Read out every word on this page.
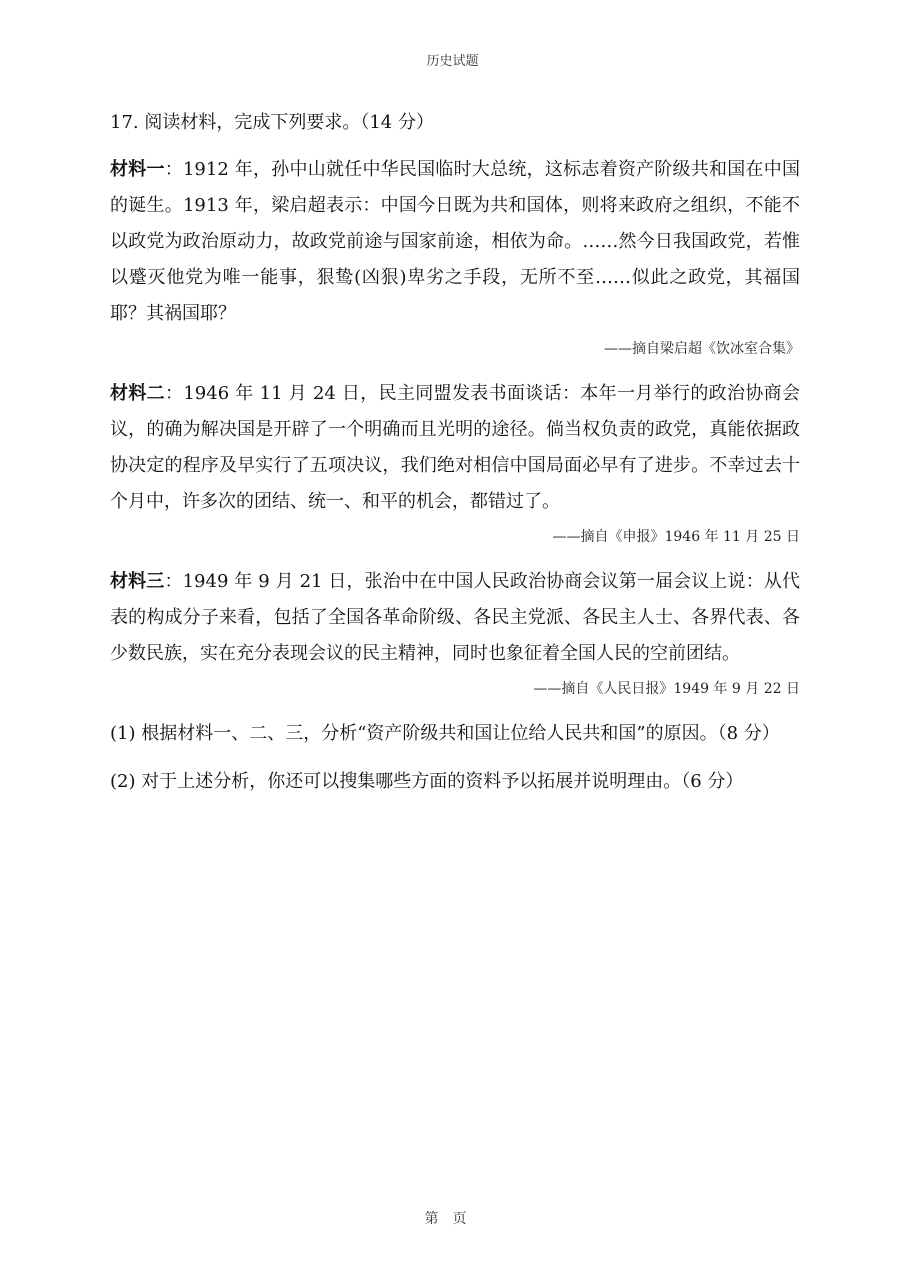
历史试题

17. 阅读材料，完成下列要求。（14 分）

材料一：1912 年，孙中山就任中华民国临时大总统，这标志着资产阶级共和国在中国的诞生。1913 年，梁启超表示：中国今日既为共和国体，则将来政府之组织，不能不以政党为政治原动力，故政党前途与国家前途，相依为命。……然今日我国政党，若惟以蹙灭他党为唯一能事，狠鸷(凶狠)卑劣之手段，无所不至……似此之政党，其福国耶？其祸国耶？

——摘自梁启超《饮冰室合集》

材料二：1946 年 11 月 24 日，民主同盟发表书面谈话：本年一月举行的政治协商会议，的确为解决国是开辟了一个明确而且光明的途径。倘当权负责的政党，真能依据政协决定的程序及早实行了五项决议，我们绝对相信中国局面必早有了进步。不幸过去十个月中，许多次的团结、统一、和平的机会，都错过了。

——摘自《申报》1946 年 11 月 25 日

材料三：1949 年 9 月 21 日，张治中在中国人民政治协商会议第一届会议上说：从代表的构成分子来看，包括了全国各革命阶级、各民主党派、各民主人士、各界代表、各少数民族，实在充分表现会议的民主精神，同时也象征着全国人民的空前团结。

——摘自《人民日报》1949 年 9 月 22 日

(1) 根据材料一、二、三，分析“资产阶级共和国让位给人民共和国”的原因。（8 分）

(2) 对于上述分析，你还可以搜集哪些方面的资料予以拓展并说明理由。（6 分）

第页
